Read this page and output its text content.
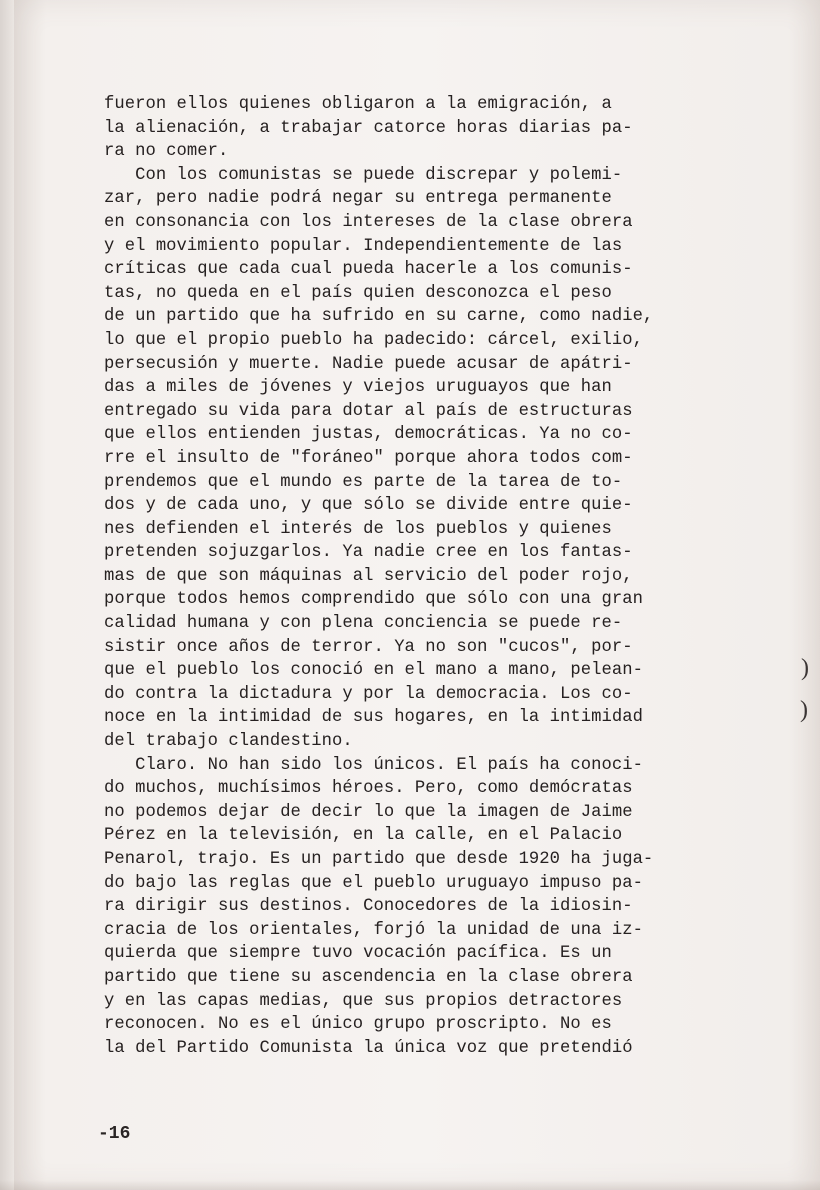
fueron ellos quienes obligaron a la emigración, a
la alienación, a trabajar catorce horas diarias pa-
ra no comer.
Con los comunistas se puede discrepar y polemi-
zar, pero nadie podrá negar su entrega permanente
en consonancia con los intereses de la clase obrera
y el movimiento popular. Independientemente de las
críticas que cada cual pueda hacerle a los comunis-
tas, no queda en el país quien desconozca el peso
de un partido que ha sufrido en su carne, como nadie,
lo que el propio pueblo ha padecido: cárcel, exilio,
persecusión y muerte. Nadie puede acusar de apátri-
das a miles de jóvenes y viejos uruguayos que han
entregado su vida para dotar al país de estructuras
que ellos entienden justas, democráticas. Ya no co-
rre el insulto de "foráneo" porque ahora todos com-
prendemos que el mundo es parte de la tarea de to-
dos y de cada uno, y que sólo se divide entre quie-
nes defienden el interés de los pueblos y quienes
pretenden sojuzgarlos. Ya nadie cree en los fantas-
mas de que son máquinas al servicio del poder rojo,
porque todos hemos comprendido que sólo con una gran
calidad humana y con plena conciencia se puede re-
sistir once años de terror. Ya no son "cucos", por-
que el pueblo los conoció en el mano a mano, pelean-
do contra la dictadura y por la democracia. Los co-
noce en la intimidad de sus hogares, en la intimidad
del trabajo clandestino.
Claro. No han sido los únicos. El país ha conoci-
do muchos, muchísimos héroes. Pero, como demócratas
no podemos dejar de decir lo que la imagen de Jaime
Pérez en la televisión, en la calle, en el Palacio
Penarol, trajo. Es un partido que desde 1920 ha juga-
do bajo las reglas que el pueblo uruguayo impuso pa-
ra dirigir sus destinos. Conocedores de la idiosin-
cracia de los orientales, forjó la unidad de una iz-
quierda que siempre tuvo vocación pacífica. Es un
partido que tiene su ascendencia en la clase obrera
y en las capas medias, que sus propios detractores
reconocen. No es el único grupo proscripto. No es
la del Partido Comunista la única voz que pretendió
-16
)
)
